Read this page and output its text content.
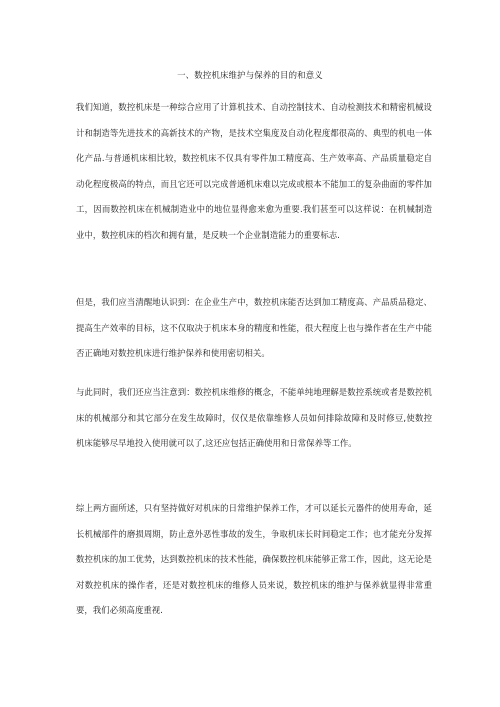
一、数控机床维护与保养的目的和意义

我们知道，数控机床是一种综合应用了计算机技术、自动控制技术、自动检测技术和精密机械设计和制造等先进技术的高新技术的产物，是技术空集度及自动化程度都很高的、典型的机电一体化产品.与普通机床相比较，数控机床不仅具有零件加工精度高、生产效率高、产品质量稳定自动化程度极高的特点，而且它还可以完成普通机床难以完成或根本不能加工的复杂曲面的零件加工，因而数控机床在机械制造业中的地位显得愈来愈为重要.我们甚至可以这样说：在机械制造业中，数控机床的档次和拥有量，是反映一个企业制造能力的重要标志.

但是，我们应当清醒地认识到：在企业生产中，数控机床能否达到加工精度高、产品质品稳定、提高生产效率的目标，这不仅取决于机床本身的精度和性能，很大程度上也与操作者在生产中能否正确地对数控机床进行维护保养和使用密切相关。

与此同时，我们还应当注意到：数控机床维修的概念，不能单纯地理解是数控系统或者是数控机床的机械部分和其它部分在发生故障时，仅仅是依靠维修人员如何排除故障和及时修豆,使数控机床能够尽早地投入使用就可以了,这还应包括正确使用和日常保养等工作。

综上两方面所述，只有坚持做好对机床的日常维护保养工作，才可以延长元器件的使用寿命，延长机械部件的磨损周期，防止意外恶性事故的发生，争取机床长时间稳定工作；也才能充分发挥数控机床的加工优势，达到数控机床的技术性能，确保数控机床能够正常工作，因此，这无论是对数控机床的操作者，还是对数控机床的维修人员来说，数控机床的维护与保养就显得非常重要，我们必须高度重视.
